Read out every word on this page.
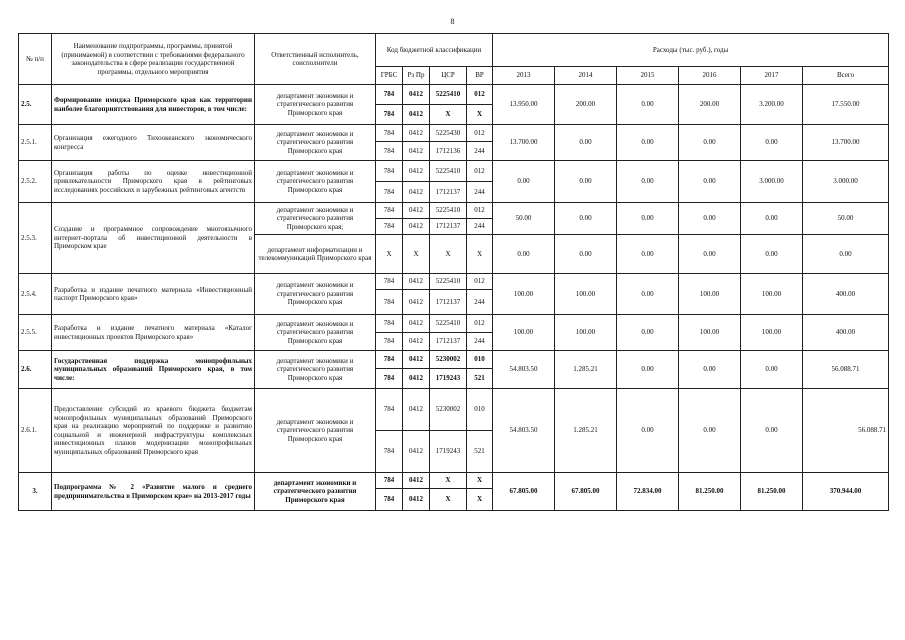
8
№ п/п	Наименование подпрограммы, программы, принятой (принимаемой) в соответствии с требованиями федерального законодательства в сфере реализации государственной программы, отдельного мероприятия	Ответственный исполнитель, соисполнители	Код бюджетной классификации				Расходы (тыс. руб.), годы					
			ГРБС	Рз Пр	ЦСР	ВР	2013	2014	2015	2016	2017	Всего
2.5.	Формирование имиджа Приморского края как территории наиболее благоприятствования для инвесторов, в том числе:	департамент экономики и стратегического развития Приморского края	784	0412	5225410	012	13.950.00	200.00	0.00	200.00	3.200.00	17.550.00
			784	0412	X	X						
2.5.1.	Организация ежегодного Тихоокеанского экономического конгресса	департамент экономики и стратегического развития Приморского края	784	0412	5225430	012	13.700.00	0.00	0.00	0.00	0.00	13.700.00
			784	0412	1712136	244						
2.5.2.	Организация работы по оценке инвестиционной привлекательности Приморского края в рейтинговых исследованиях российских и зарубежных рейтинговых агентств	департамент экономики и стратегического развития Приморского края	784	0412	5225410	012	0.00	0.00	0.00	0.00	3.000.00	3.000.00
			784	0412	1712137	244						
2.5.3.	Создание и программное сопровождение многоязычного интернет-портала об инвестиционной деятельности в Приморском крае	департамент экономики и стратегического развития Приморского края;	784	0412	5225410	012	50.00	0.00	0.00	0.00	0.00	50.00
			784	0412	1712137	244						
		департамент информатизации и телекоммуникаций Приморского края	X	X	X	X	0.00	0.00	0.00	0.00	0.00	0.00
2.5.4.	Разработка и издание печатного материала «Инвестиционный паспорт Приморского края»	департамент экономики и стратегического развития Приморского края	784	0412	5225410	012	100.00	100.00	0.00	100.00	100.00	400.00
			784	0412	1712137	244						
2.5.5.	Разработка и издание печатного материала «Каталог инвестиционных проектов Приморского края»	департамент экономики и стратегического развития Приморского края	784	0412	5225410	012	100.00	100.00	0.00	100.00	100.00	400.00
			784	0412	1712137	244						
2.6.	Государственная поддержка монопрофильных муниципальных образований Приморского края, в том числе:	департамент экономики и стратегического развития Приморского края	784	0412	5230002	010	54.803.50	1.285.21	0.00	0.00	0.00	56.088.71
			784	0412	1719243	521						
2.6.1.	Предоставление субсидий из краевого бюджета бюджетам монопрофильных муниципальных образований Приморского края на реализацию мероприятий по поддержке и развитию социальной и инженерной инфраструктуры комплексных инвестиционных планов модернизации монопрофильных муниципальных образований Приморского края	департамент экономики и стратегического развития Приморского края	784	0412	5230002	010	54.803.50	1.285.21	0.00	0.00	0.00	56.088.71
			784	0412	1719243	521						
3.	Подпрограмма № 2 «Развитие малого и среднего предпринимательства в Приморском крае» на 2013-2017 годы	департамент экономики и стратегического развития Приморского края	784	0412	X	X	67.805.00	67.805.00	72.834.00	81.250.00	81.250.00	370.944.00
			784	0412	X	X						
